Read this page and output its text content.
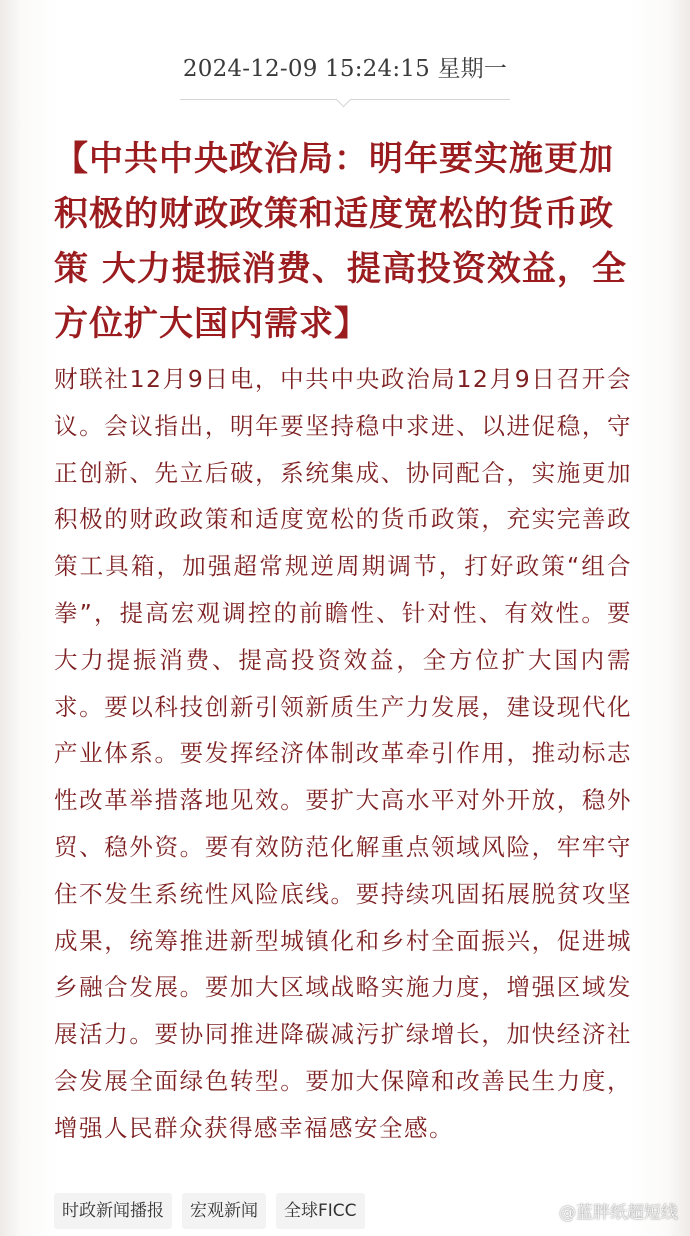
2024-12-09 15:24:15 星期一
【中共中央政治局：明年要实施更加积极的财政政策和适度宽松的货币政策 大力提振消费、提高投资效益，全方位扩大国内需求】

财联社12月9日电，中共中央政治局12月9日召开会议。会议指出，明年要坚持稳中求进、以进促稳，守正创新、先立后破，系统集成、协同配合，实施更加积极的财政政策和适度宽松的货币政策，充实完善政策工具箱，加强超常规逆周期调节，打好政策“组合拳”，提高宏观调控的前瞻性、针对性、有效性。要大力提振消费、提高投资效益，全方位扩大国内需求。要以科技创新引领新质生产力发展，建设现代化产业体系。要发挥经济体制改革牵引作用，推动标志性改革举措落地见效。要扩大高水平对外开放，稳外贸、稳外资。要有效防范化解重点领域风险，牢牢守住不发生系统性风险底线。要持续巩固拓展脱贫攻坚成果，统筹推进新型城镇化和乡村全面振兴，促进城乡融合发展。要加大区域战略实施力度，增强区域发展活力。要协同推进降碳减污扩绿增长，加快经济社会发展全面绿色转型。要加大保障和改善民生力度，增强人民群众获得感幸福感安全感。

时政新闻播报	宏观新闻	全球FICC	@蓝胖纸超短线
